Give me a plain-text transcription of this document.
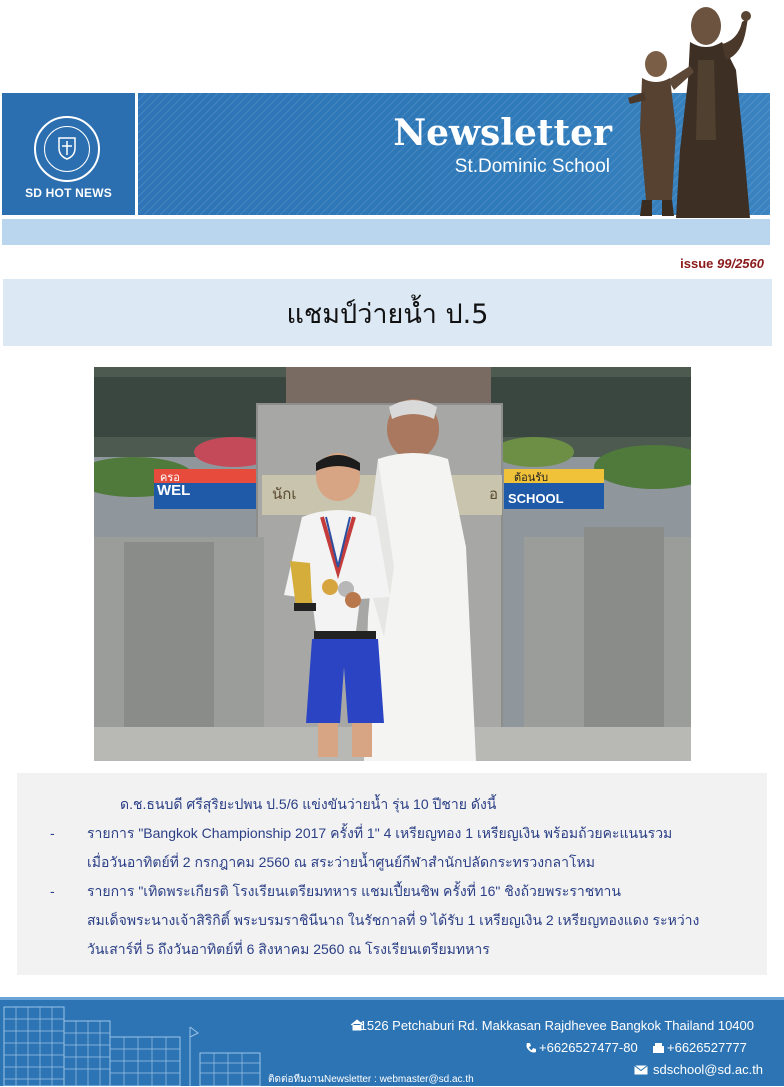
SD HOT NEWS
Newsletter
St.Dominic School
issue 99/2560
แชมป์ว่ายน้ำ ป.5
WEL
ครอ
นักเ	อ SCHOOL
ต้อนรับ
ด.ช.ธนบดี ศรีสุริยะปพน ป.5/6 แข่งขันว่ายน้ำ รุ่น 10 ปีชาย ดังนี้
- รายการ "Bangkok Championship 2017 ครั้งที่ 1" 4 เหรียญทอง 1 เหรียญเงิน พร้อมถ้วยคะแนนรวม
เมื่อวันอาทิตย์ที่ 2 กรกฎาคม 2560 ณ สระว่ายน้ำศูนย์กีฬาสำนักปลัดกระทรวงกลาโหม
- รายการ "เทิดพระเกียรติ โรงเรียนเตรียมทหาร แชมเปี้ยนชิพ ครั้งที่ 16" ชิงถ้วยพระราชทาน
สมเด็จพระนางเจ้าสิริกิติ์ พระบรมราชินีนาถ ในรัชกาลที่ 9 ได้รับ 1 เหรียญเงิน 2 เหรียญทองแดง ระหว่าง
วันเสาร์ที่ 5 ถึงวันอาทิตย์ที่ 6 สิงหาคม 2560 ณ โรงเรียนเตรียมทหาร
1526 Petchaburi Rd. Makkasan Rajdhevee Bangkok Thailand 10400
+6626527477-80 +6626527777
sdschool@sd.ac.th
ติดต่อทีมงานNewsletter : webmaster@sd.ac.th
